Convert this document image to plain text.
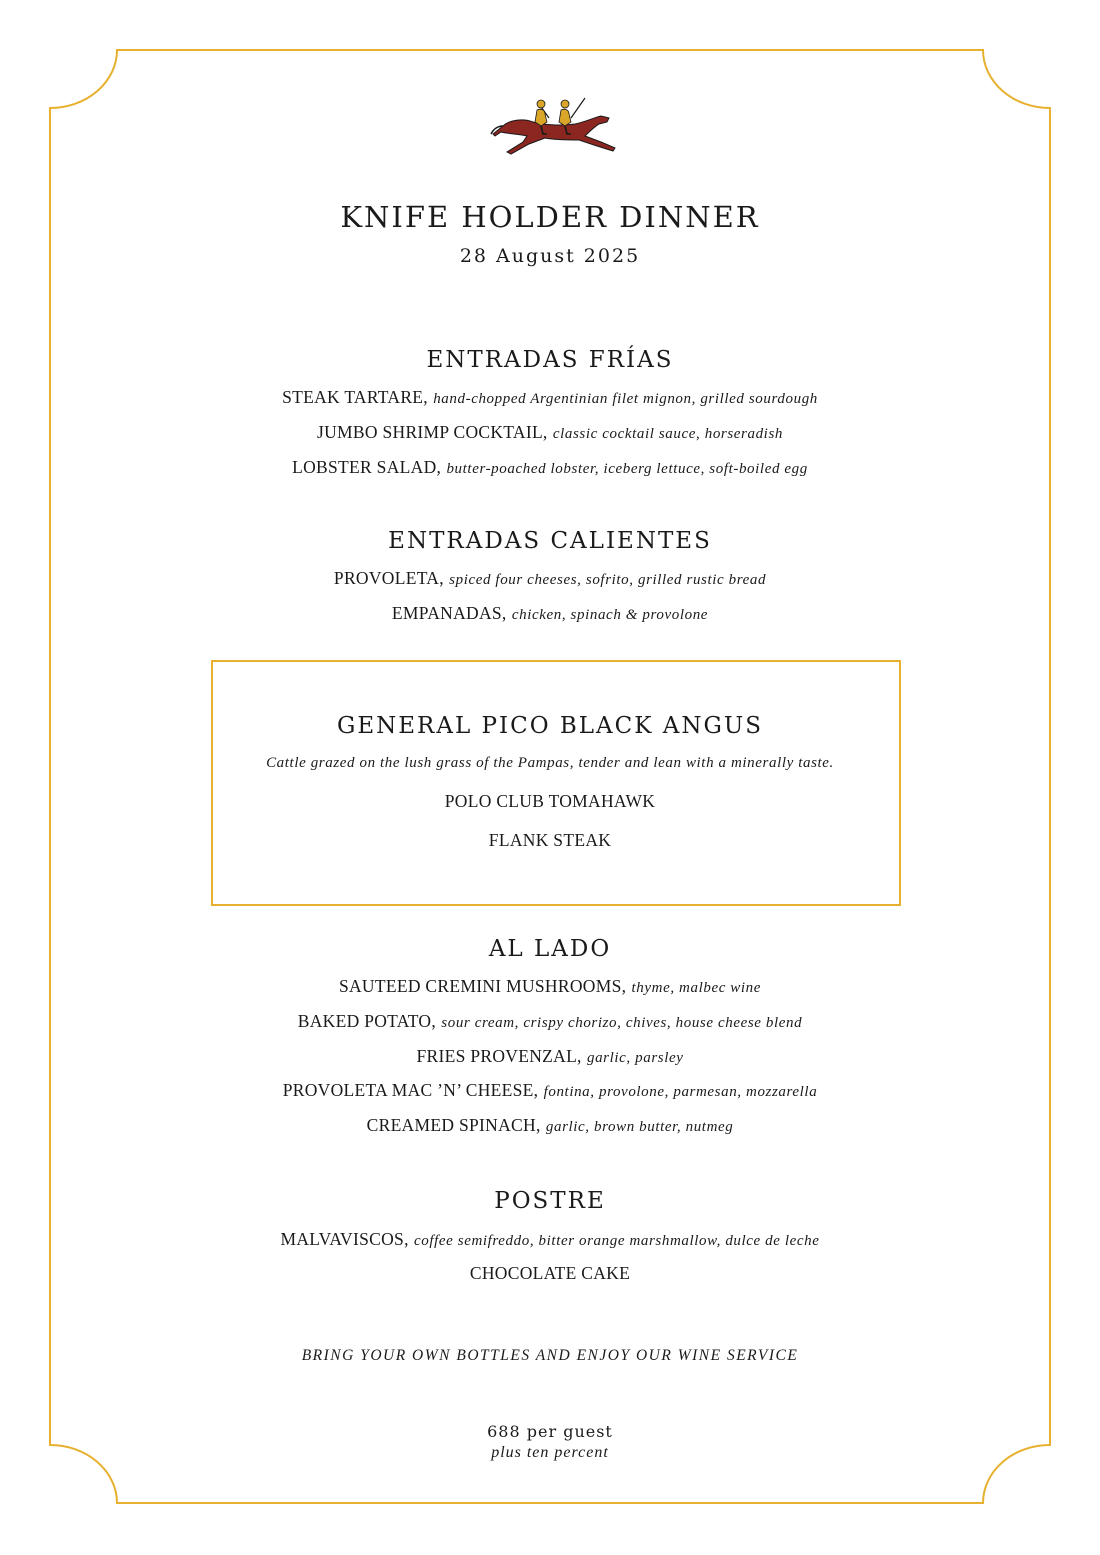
KNIFE HOLDER DINNER
28 August 2025
ENTRADAS FRÍAS
STEAK TARTARE, hand-chopped Argentinian filet mignon, grilled sourdough
JUMBO SHRIMP COCKTAIL, classic cocktail sauce, horseradish
LOBSTER SALAD, butter-poached lobster, iceberg lettuce, soft-boiled egg
ENTRADAS CALIENTES
PROVOLETA, spiced four cheeses, sofrito, grilled rustic bread
EMPANADAS, chicken, spinach & provolone
GENERAL PICO BLACK ANGUS
Cattle grazed on the lush grass of the Pampas, tender and lean with a minerally taste.
POLO CLUB TOMAHAWK
FLANK STEAK
AL LADO
SAUTEED CREMINI MUSHROOMS, thyme, malbec wine
BAKED POTATO, sour cream, crispy chorizo, chives, house cheese blend
FRIES PROVENZAL, garlic, parsley
PROVOLETA MAC ’N’ CHEESE, fontina, provolone, parmesan, mozzarella
CREAMED SPINACH, garlic, brown butter, nutmeg
POSTRE
MALVAVISCOS, coffee semifreddo, bitter orange marshmallow, dulce de leche
CHOCOLATE CAKE
BRING YOUR OWN BOTTLES AND ENJOY OUR WINE SERVICE
688 per guest
plus ten percent
